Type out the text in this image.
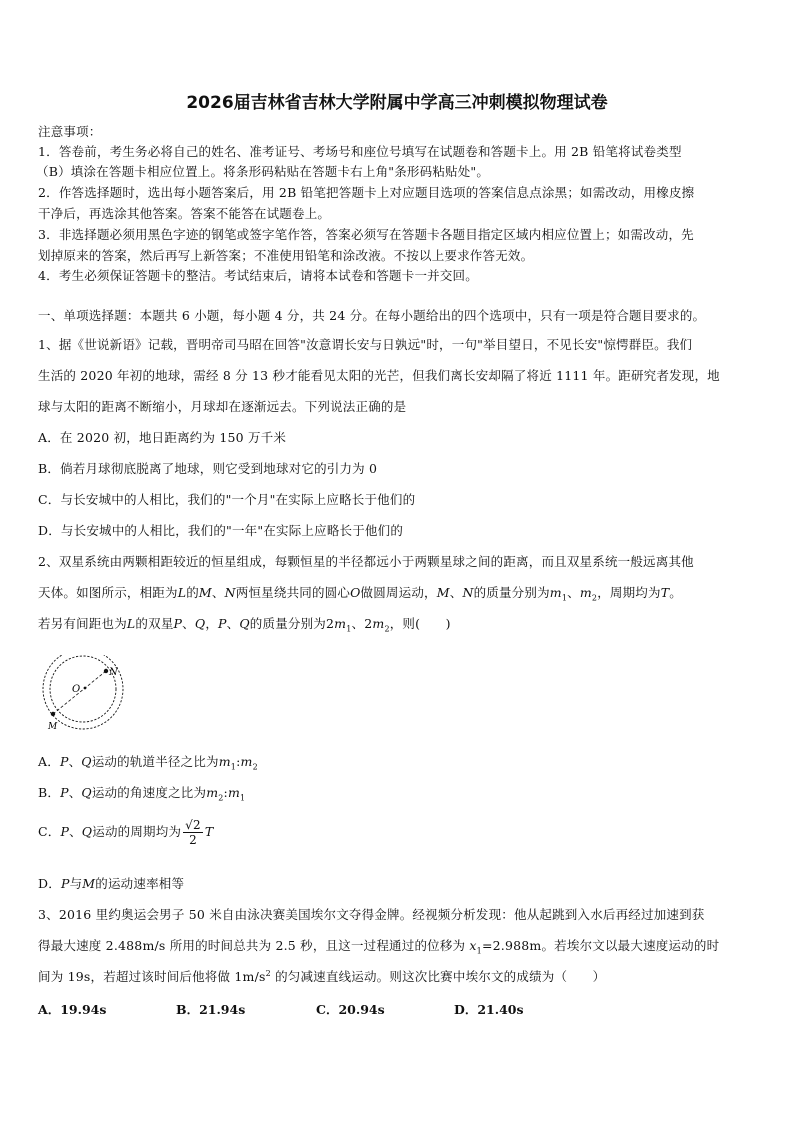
2026届吉林省吉林大学附属中学高三冲刺模拟物理试卷
注意事项：
1．答卷前，考生务必将自己的姓名、准考证号、考场号和座位号填写在试题卷和答题卡上。用 2B 铅笔将试卷类型
（B）填涂在答题卡相应位置上。将条形码粘贴在答题卡右上角"条形码粘贴处"。
2．作答选择题时，选出每小题答案后，用 2B 铅笔把答题卡上对应题目选项的答案信息点涂黑；如需改动，用橡皮擦
干净后，再选涂其他答案。答案不能答在试题卷上。
3．非选择题必须用黑色字迹的钢笔或签字笔作答，答案必须写在答题卡各题目指定区域内相应位置上；如需改动，先
划掉原来的答案，然后再写上新答案；不准使用铅笔和涂改液。不按以上要求作答无效。
4．考生必须保证答题卡的整洁。考试结束后，请将本试卷和答题卡一并交回。
一、单项选择题：本题共 6 小题，每小题 4 分，共 24 分。在每小题给出的四个选项中，只有一项是符合题目要求的。
1、据《世说新语》记载，晋明帝司马昭在回答"汝意谓长安与日孰远"时，一句"举目望日，不见长安"惊愕群臣。我们
生活的 2020 年初的地球，需经 8 分 13 秒才能看见太阳的光芒，但我们离长安却隔了将近 1111 年。距研究者发现，地
球与太阳的距离不断缩小，月球却在逐渐远去。下列说法正确的是
A．在 2020 初，地日距离约为 150 万千米
B．倘若月球彻底脱离了地球，则它受到地球对它的引力为 0
C．与长安城中的人相比，我们的"一个月"在实际上应略长于他们的
D．与长安城中的人相比，我们的"一年"在实际上应略长于他们的
2、双星系统由两颗相距较近的恒星组成，每颗恒星的半径都远小于两颗星球之间的距离，而且双星系统一般远离其他
天体。如图所示，相距为L的M、N两恒星绕共同的圆心O做圆周运动，M、N的质量分别为$m_1$、$m_2$，周期均为T。
若另有间距也为L的双星P、Q，P、Q的质量分别为$2m_1$、$2m_2$，则(　　)
O
N
M
A．P、Q运动的轨道半径之比为$m_1:m_2$
B．P、Q运动的角速度之比为$m_2:m_1$
C．P、Q运动的周期均为 $\frac{√2}{2}$ T
D．P与M的运动速率相等
3、2016 里约奥运会男子 50 米自由泳决赛美国埃尔文夺得金牌。经视频分析发现：他从起跳到入水后再经过加速到获
得最大速度 2.488m/s 所用的时间总共为 2.5 秒，且这一过程通过的位移为 $x_1=2.988m$。若埃尔文以最大速度运动的时
间为 19s，若超过该时间后他将做 $1m/s^2$ 的匀减速直线运动。则这次比赛中埃尔文的成绩为（　　）
A．19.94s	B．21.94s	C．20.94s	D．21.40s
